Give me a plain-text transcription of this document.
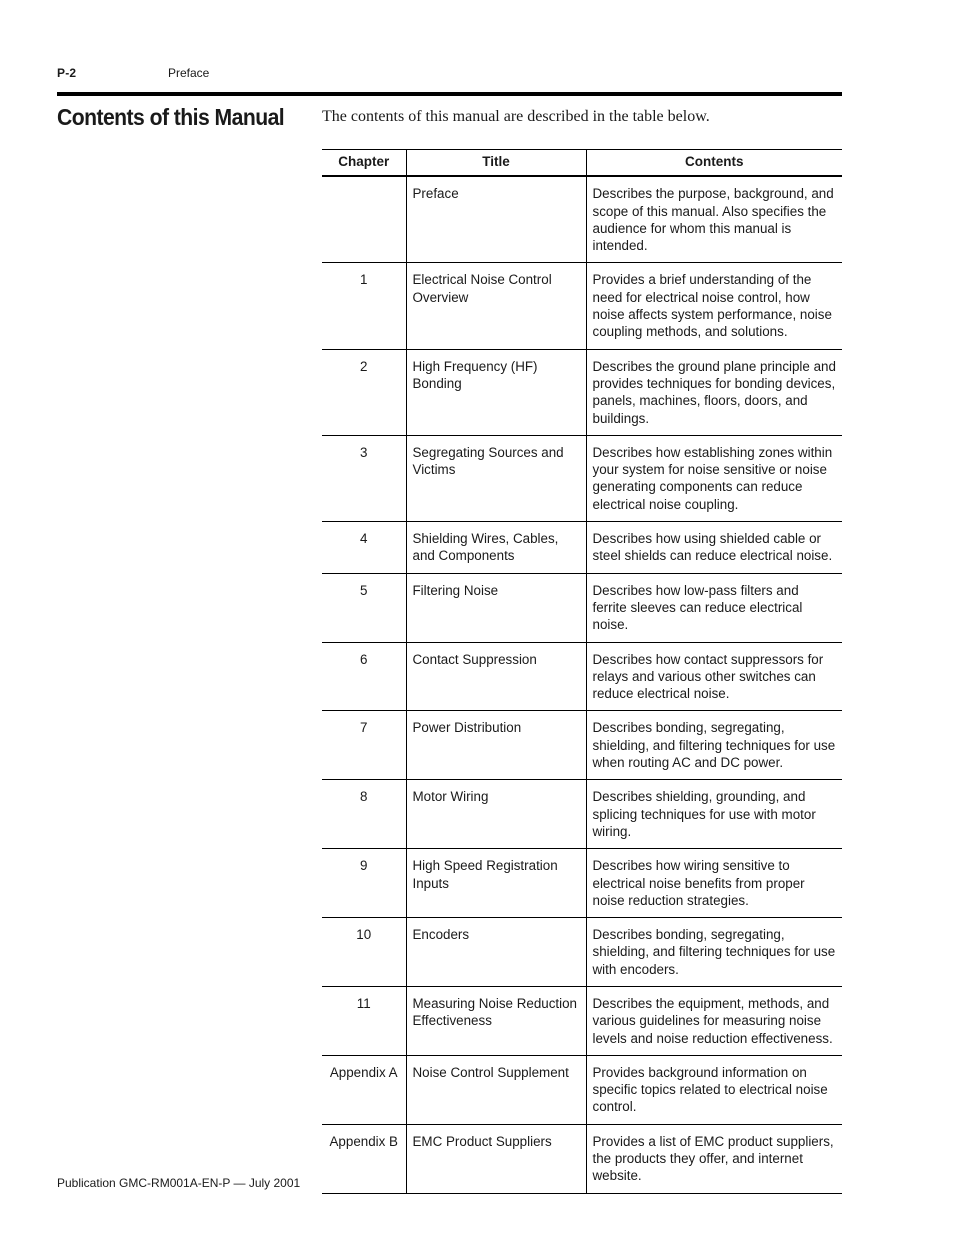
P-2	Preface
Contents of this Manual The contents of this manual are described in the table below.

Chapter	Title	Contents
	Preface	Describes the purpose, background, and scope of this manual. Also specifies the audience for whom this manual is intended.
1	Electrical Noise Control Overview	Provides a brief understanding of the need for electrical noise control, how noise affects system performance, noise coupling methods, and solutions.
2	High Frequency (HF) Bonding	Describes the ground plane principle and provides techniques for bonding devices, panels, machines, floors, doors, and buildings.
3	Segregating Sources and Victims	Describes how establishing zones within your system for noise sensitive or noise generating components can reduce electrical noise coupling.
4	Shielding Wires, Cables, and Components	Describes how using shielded cable or steel shields can reduce electrical noise.
5	Filtering Noise	Describes how low-pass filters and ferrite sleeves can reduce electrical noise.
6	Contact Suppression	Describes how contact suppressors for relays and various other switches can reduce electrical noise.
7	Power Distribution	Describes bonding, segregating, shielding, and filtering techniques for use when routing AC and DC power.
8	Motor Wiring	Describes shielding, grounding, and splicing techniques for use with motor wiring.
9	High Speed Registration Inputs	Describes how wiring sensitive to electrical noise benefits from proper noise reduction strategies.
10	Encoders	Describes bonding, segregating, shielding, and filtering techniques for use with encoders.
11	Measuring Noise Reduction Effectiveness	Describes the equipment, methods, and various guidelines for measuring noise levels and noise reduction effectiveness.
Appendix A	Noise Control Supplement	Provides background information on specific topics related to electrical noise control.
Appendix B	EMC Product Suppliers	Provides a list of EMC product suppliers, the products they offer, and internet website.
Publication GMC-RM001A-EN-P — July 2001
